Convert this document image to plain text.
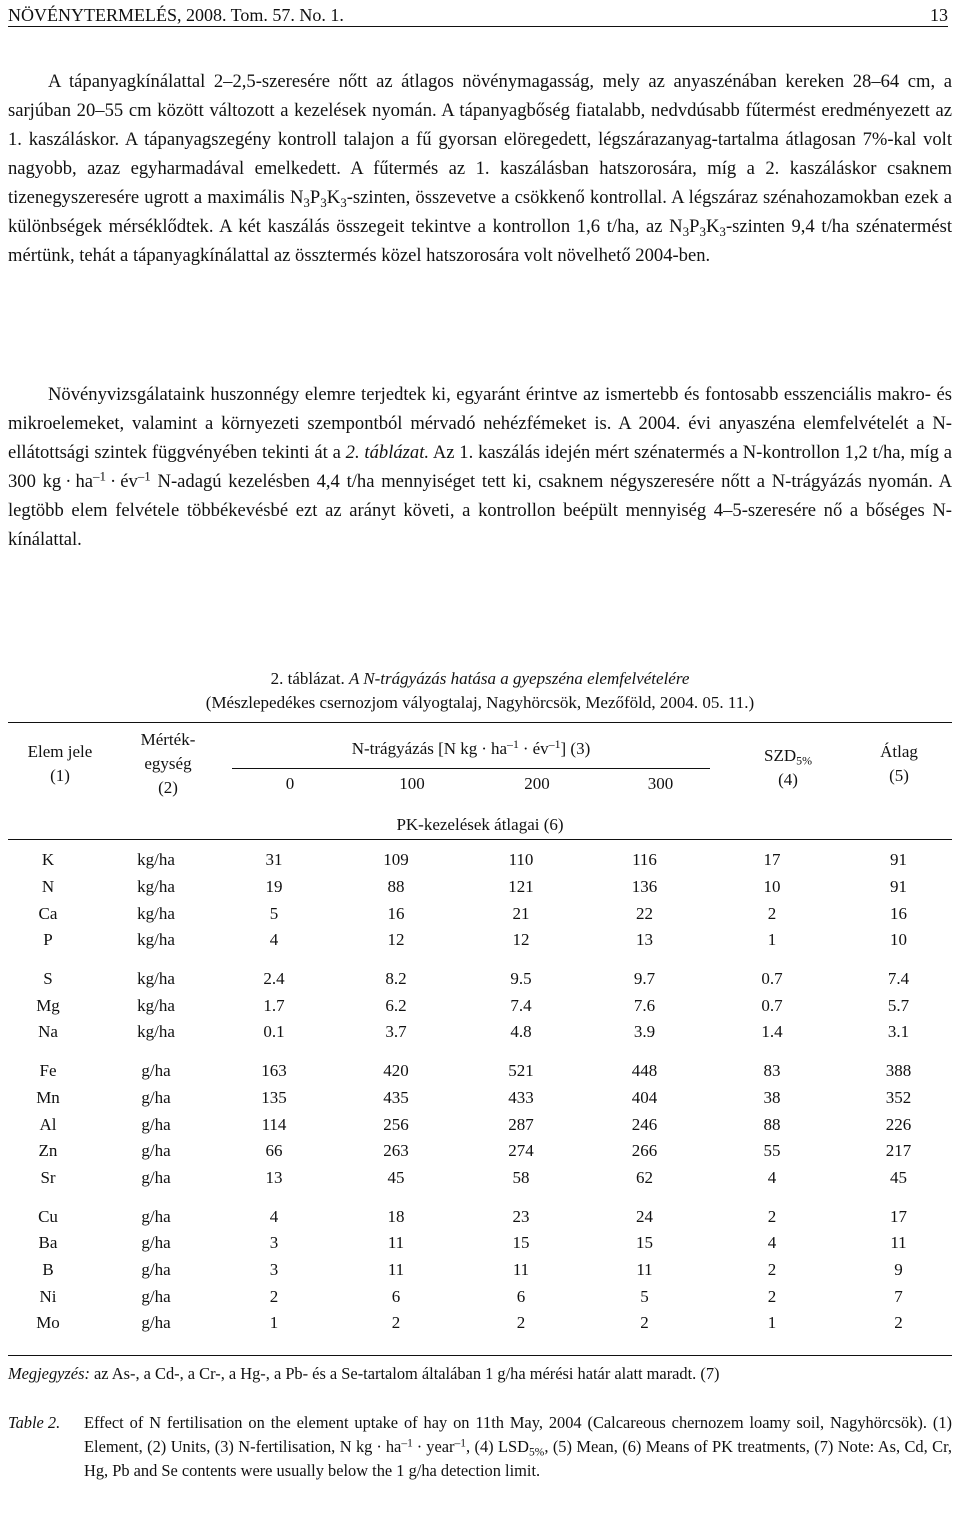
NÖVÉNYTERMELÉS, 2008. Tom. 57. No. 1.	13

A tápanyagkínálattal 2–2,5-szeresére nőtt az átlagos növénymagasság, mely az anyaszénában kereken 28–64 cm, a sarjúban 20–55 cm között változott a kezelések nyomán. A tápanyagbőség fiatalabb, nedvdúsabb fűtermést eredményezett az 1. kaszáláskor. A tápanyagszegény kontroll talajon a fű gyorsan elöregedett, légszárazanyag-tartalma átlagosan 7%-kal volt nagyobb, azaz egyharmadával emelkedett. A fűtermés az 1. kaszálásban hatszorosára, míg a 2. kaszáláskor csaknem tizenegyszeresére ugrott a maximális $N_3P_3K_3$-szinten, összevetve a csökkenő kontrollal. A légszáraz szénahozamokban ezek a különbségek mérséklődtek. A két kaszálás összegeit tekintve a kontrollon 1,6 t/ha, az $N_3P_3K_3$-szinten 9,4 t/ha szénatermést mértünk, tehát a tápanyagkínálattal az össztermés közel hatszorosára volt növelhető 2004-ben.

Növényvizsgálataink huszonnégy elemre terjedtek ki, egyaránt érintve az ismertebb és fontosabb esszenciális makro- és mikroelemeket, valamint a környezeti szempontból mérvadó nehézfémeket is. A 2004. évi anyaszéna elemfelvételét a N-ellátottsági szintek függvényében tekinti át a 2. táblázat. Az 1. kaszálás idején mért szénatermés a N-kontrollon 1,2 t/ha, míg a 300 kg · $ha^{-1}$ · $év^{-1}$ N-adagú kezelésben 4,4 t/ha mennyiséget tett ki, csaknem négyszeresére nőtt a N-trágyázás nyomán. A legtöbb elem felvétele többékevésbé ezt az arányt követi, a kontrollon beépült mennyiség 4–5-szeresére nő a bőséges N-kínálattal.

2. táblázat. A N-trágyázás hatása a gyepszéna elemfelvételére
(Mészlepedékes csernozjom vályogtalaj, Nagyhörcsök, Mezőföld, 2004. 05. 11.)
Elem jele (1)
Mérték-
egység
(2)
N-trágyázás [N kg · $ha^{-1}$ · $év^{-1}$] (3)
0	100	200	300
$SZD_{5\%}$
(4)
Átlag
(5)
PK-kezelések átlagai (6)
K	kg/ha	31	109	110	116	17	91
N	kg/ha	19	88	121	136	10	91
Ca	kg/ha	5	16	21	22	2	16
P	kg/ha	4	12	12	13	1	10

S	kg/ha	2.4	8.2	9.5	9.7	0.7	7.4
Mg	kg/ha	1.7	6.2	7.4	7.6	0.7	5.7
Na	kg/ha	0.1	3.7	4.8	3.9	1.4	3.1

Fe	g/ha	163	420	521	448	83	388
Mn	g/ha	135	435	433	404	38	352
Al	g/ha	114	256	287	246	88	226
Zn	g/ha	66	263	274	266	55	217
Sr	g/ha	13	45	58	62	4	45

Cu	g/ha	4	18	23	24	2	17
Ba	g/ha	3	11	15	15	4	11
B	g/ha	3	11	11	11	2	9
Ni	g/ha	2	6	6	5	2	7
Mo	g/ha	1	2	2	2	1	2
Megjegyzés: az As-, a Cd-, a Cr-, a Hg-, a Pb- és a Se-tartalom általában 1 g/ha mérési határ alatt maradt. (7)
Table 2. Effect of N fertilisation on the element uptake of hay on 11th May, 2004 (Calcareous chernozem loamy soil, Nagyhörcsök). (1) Element, (2) Units, (3) N-fertilisation, N kg · $ha^{-1}$ · year$^{-1}$, (4) $LSD_{5\%}$, (5) Mean, (6) Means of PK treatments, (7) Note: As, Cd, Cr, Hg, Pb and Se contents were usually below the 1 g/ha detection limit.
